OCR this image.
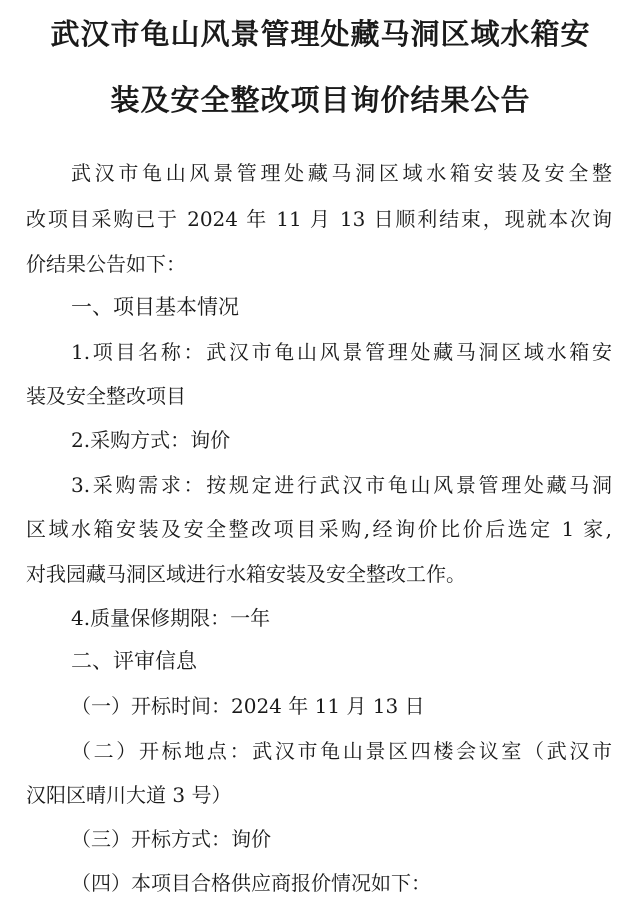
武汉市龟山风景管理处藏马洞区域水箱安
装及安全整改项目询价结果公告

武汉市龟山风景管理处藏马洞区域水箱安装及安全整

改项目采购已于 2024 年 11 月 13 日顺利结束，现就本次询

价结果公告如下：

一、项目基本情况

1.项目名称：武汉市龟山风景管理处藏马洞区域水箱安

装及安全整改项目

2.采购方式：询价

3.采购需求：按规定进行武汉市龟山风景管理处藏马洞

区域水箱安装及安全整改项目采购,经询价比价后选定 1 家,

对我园藏马洞区域进行水箱安装及安全整改工作。

4.质量保修期限：一年

二、评审信息

（一）开标时间：2024 年 11 月 13 日

（二）开标地点：武汉市龟山景区四楼会议室（武汉市

汉阳区晴川大道 3 号）

（三）开标方式：询价

（四）本项目合格供应商报价情况如下：
